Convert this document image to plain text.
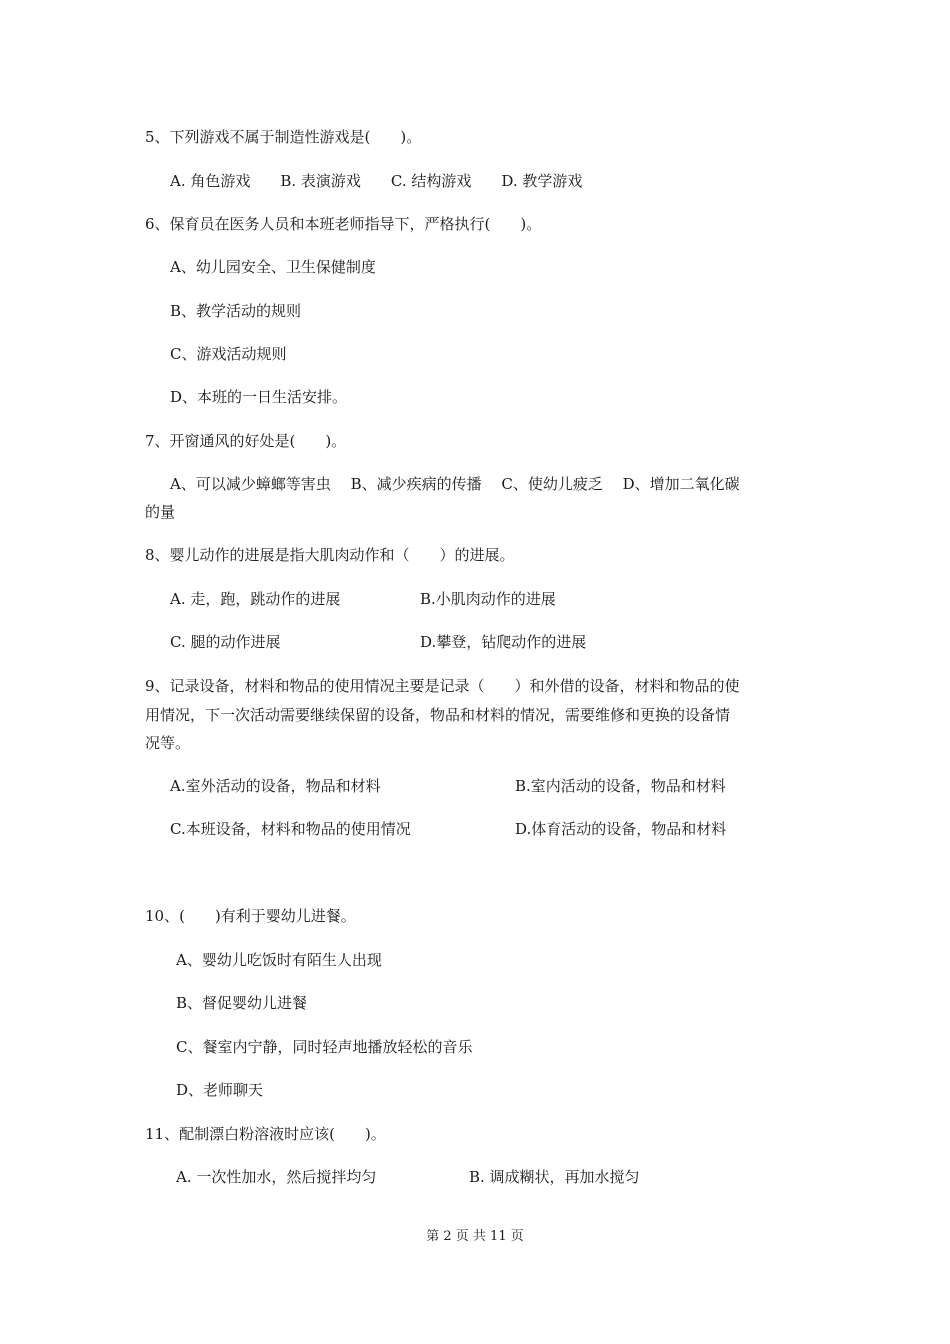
5、下列游戏不属于制造性游戏是(　　)。
A. 角色游戏　　B. 表演游戏　　C. 结构游戏　　D. 教学游戏
6、保育员在医务人员和本班老师指导下，严格执行(　　)。
A、幼儿园安全、卫生保健制度
B、教学活动的规则
C、游戏活动规则
D、本班的一日生活安排。
7、开窗通风的好处是(　　)。
A、可以减少蟑螂等害虫　 B、减少疾病的传播　 C、使幼儿疲乏　 D、增加二氧化碳
的量
8、婴儿动作的进展是指大肌肉动作和（　　）的进展。
A. 走，跑，跳动作的进展	B.小肌肉动作的进展
C. 腿的动作进展	D.攀登，钻爬动作的进展
9、记录设备，材料和物品的使用情况主要是记录（　　）和外借的设备，材料和物品的使
用情况，下一次活动需要继续保留的设备，物品和材料的情况，需要维修和更换的设备情
况等。
A.室外活动的设备，物品和材料	B.室内活动的设备，物品和材料
C.本班设备，材料和物品的使用情况	D.体育活动的设备，物品和材料
10、(　　)有利于婴幼儿进餐。
A、婴幼儿吃饭时有陌生人出现
B、督促婴幼儿进餐
C、餐室内宁静，同时轻声地播放轻松的音乐
D、老师聊天
11、配制漂白粉溶液时应该(　　)。
A. 一次性加水，然后搅拌均匀	B. 调成糊状，再加水搅匀
第 2 页 共 11 页
